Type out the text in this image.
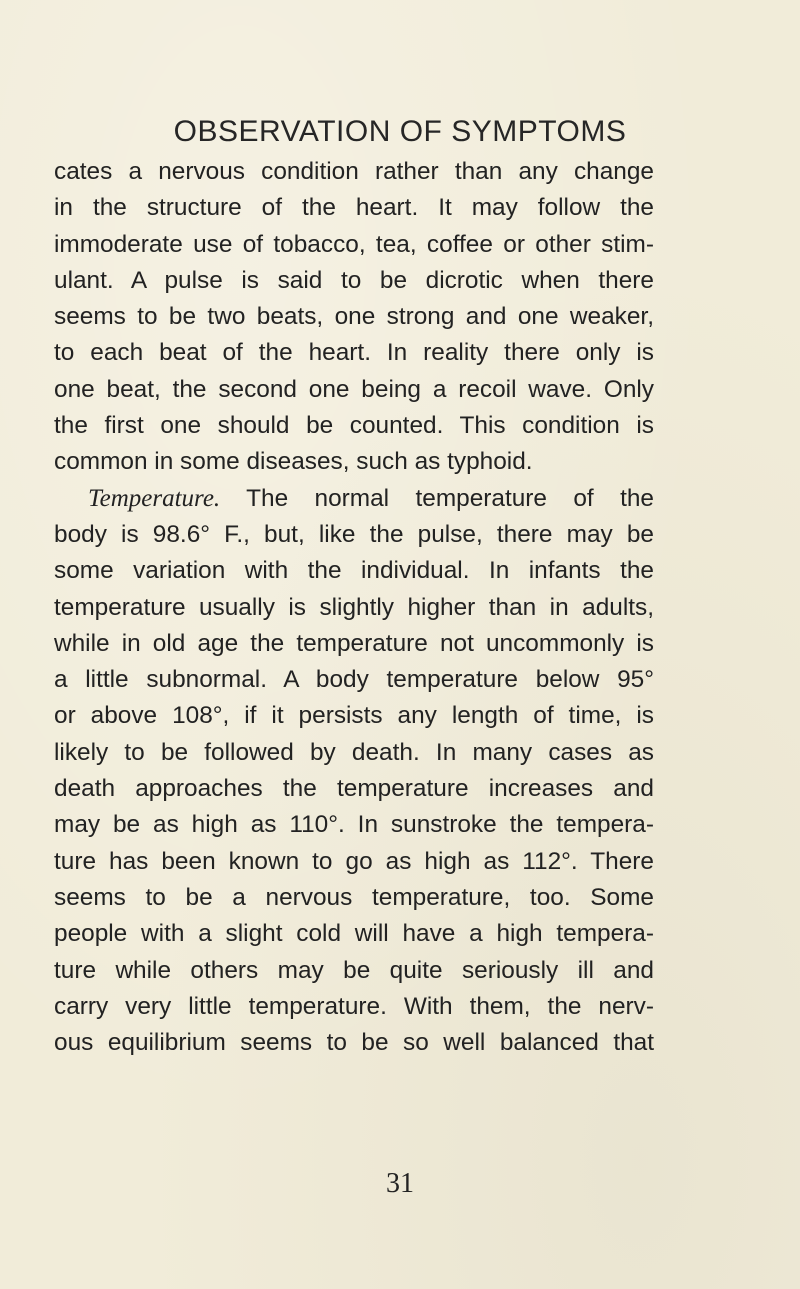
OBSERVATION OF SYMPTOMS
cates a nervous condition rather than any change
in the structure of the heart. It may follow the
immoderate use of tobacco, tea, coffee or other stim-
ulant. A pulse is said to be dicrotic when there
seems to be two beats, one strong and one weaker,
to each beat of the heart. In reality there only is
one beat, the second one being a recoil wave. Only
the first one should be counted. This condition is
common in some diseases, such as typhoid.
Temperature. The normal temperature of the
body is 98.6° F., but, like the pulse, there may be
some variation with the individual. In infants the
temperature usually is slightly higher than in adults,
while in old age the temperature not uncommonly is
a little subnormal. A body temperature below 95°
or above 108°, if it persists any length of time, is
likely to be followed by death. In many cases as
death approaches the temperature increases and
may be as high as 110°. In sunstroke the tempera-
ture has been known to go as high as 112°. There
seems to be a nervous temperature, too. Some
people with a slight cold will have a high tempera-
ture while others may be quite seriously ill and
carry very little temperature. With them, the nerv-
ous equilibrium seems to be so well balanced that
31
